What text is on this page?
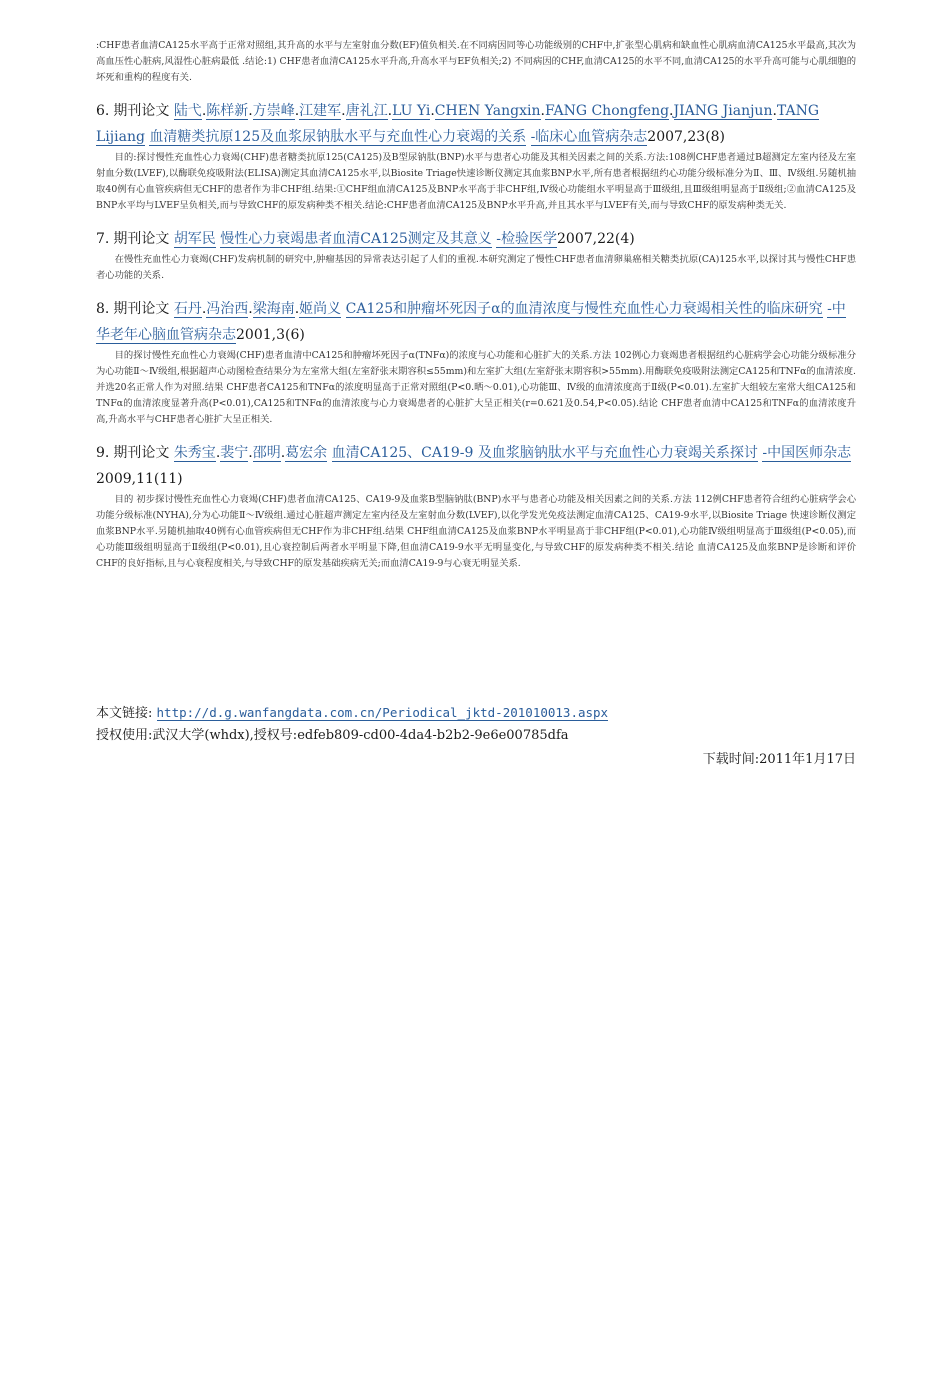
:CHF患者血清CA125水平高于正常对照组,其升高的水平与左室射血分数(EF)值负相关.在不同病因同等心功能级别的CHF中,扩张型心肌病和缺血性心肌病血清CA125水平最高,其次为高血压性心脏病,风湿性心脏病最低 .结论:1) CHF患者血清CA125水平升高,升高水平与EF负相关;2) 不同病因的CHF,血清CA125的水平不同,血清CA125的水平升高可能与心肌细胞的坏死和重构的程度有关.
6. 期刊论文 陆弋.陈样新.方崇峰.江建军.唐礼江.LU Yi.CHEN Yangxin.FANG Chongfeng.JIANG Jianjun.TANG Lijiang 血清糖类抗原125及血浆尿钠肽水平与充血性心力衰竭的关系 -临床心血管病杂志2007,23(8)
目的:探讨慢性充血性心力衰竭(CHF)患者糖类抗原125(CA125)及B型尿钠肽(BNP)水平与患者心功能及其相关因素之间的关系.方法:108例CHF患者通过B超测定左室内径及左室射血分数(LVEF),以酶联免疫吸附法(ELISA)测定其血清CA125水平,以Biosite Triage快速诊断仪测定其血浆BNP水平,所有患者根据纽约心功能分级标准分为Ⅱ、Ⅲ、Ⅳ级组.另随机抽取40例有心血管疾病但无CHF的患者作为非CHF组.结果:①CHF组血清CA125及BNP水平高于非CHF组,Ⅳ级心功能组水平明显高于Ⅲ级组,且Ⅲ级组明显高于Ⅱ级组;②血清CA125及BNP水平均与LVEF呈负相关,而与导致CHF的原发病种类不相关.结论:CHF患者血清CA125及BNP水平升高,并且其水平与LVEF有关,而与导致CHF的原发病种类无关.
7. 期刊论文 胡军民 慢性心力衰竭患者血清CA125测定及其意义 -检验医学2007,22(4)
在慢性充血性心力衰竭(CHF)发病机制的研究中,肿瘤基因的异常表达引起了人们的重视.本研究测定了慢性CHF患者血清卵巢癌相关糖类抗原(CA)125水平,以探讨其与慢性CHF患者心功能的关系.
8. 期刊论文 石丹.冯治西.梁海南.姬尚义 CA125和肿瘤坏死因子α的血清浓度与慢性充血性心力衰竭相关性的临床研究 -中华老年心脑血管病杂志2001,3(6)
目的探讨慢性充血性心力衰竭(CHF)患者血清中CA125和肿瘤坏死因子α(TNFα)的浓度与心功能和心脏扩大的关系.方法 102例心力衰竭患者根据纽约心脏病学会心功能分级标准分为心功能Ⅱ～Ⅳ级组,根据超声心动图检查结果分为左室常大组(左室舒张末期容积≤55mm)和左室扩大组(左室舒张末期容积>55mm).用酶联免疫吸附法测定CA125和TNFα的血清浓度.并选20名正常人作为对照.结果 CHF患者CA125和TNFα的浓度明显高于正常对照组(P<0.晒～0.01),心功能Ⅲ、Ⅳ级的血清浓度高于Ⅱ级(P<0.01).左室扩大组较左室常大组CA125和TNFα的血清浓度显著升高(P<0.01),CA125和TNFα的血清浓度与心力衰竭患者的心脏扩大呈正相关(r=0.621及0.54,P<0.05).结论 CHF患者血清中CA125和TNFα的血清浓度升高,升高水平与CHF患者心脏扩大呈正相关.
9. 期刊论文 朱秀宝.裴宁.邵明.葛宏余 血清CA125、CA19-9 及血浆脑钠肽水平与充血性心力衰竭关系探讨 -中国医师杂志2009,11(11)
目的 初步探讨慢性充血性心力衰竭(CHF)患者血清CA125、CA19-9及血浆B型脑钠肽(BNP)水平与患者心功能及相关因素之间的关系.方法 112例CHF患者符合纽约心脏病学会心功能分级标准(NYHA),分为心功能Ⅱ～Ⅳ级组.通过心脏超声测定左室内径及左室射血分数(LVEF),以化学发光免疫法测定血清CA125、CA19-9水平,以Biosite Triage 快速诊断仪测定血浆BNP水平.另随机抽取40例有心血管疾病但无CHF作为非CHF组.结果 CHF组血清CA125及血浆BNP水平明显高于非CHF组(P<0.01),心功能Ⅳ级组明显高于Ⅲ级组(P<0.05),而心功能Ⅲ级组明显高于Ⅱ级组(P<0.01),且心衰控制后两者水平明显下降,但血清CA19-9水平无明显变化,与导致CHF的原发病种类不相关.结论 血清CA125及血浆BNP是诊断和评价CHF的良好指标,且与心衰程度相关,与导致CHF的原发基础疾病无关;而血清CA19-9与心衰无明显关系.
本文链接: http://d.g.wanfangdata.com.cn/Periodical_jktd-201010013.aspx
授权使用:武汉大学(whdx),授权号:edfeb809-cd00-4da4-b2b2-9e6e00785dfa
下载时间:2011年1月17日
